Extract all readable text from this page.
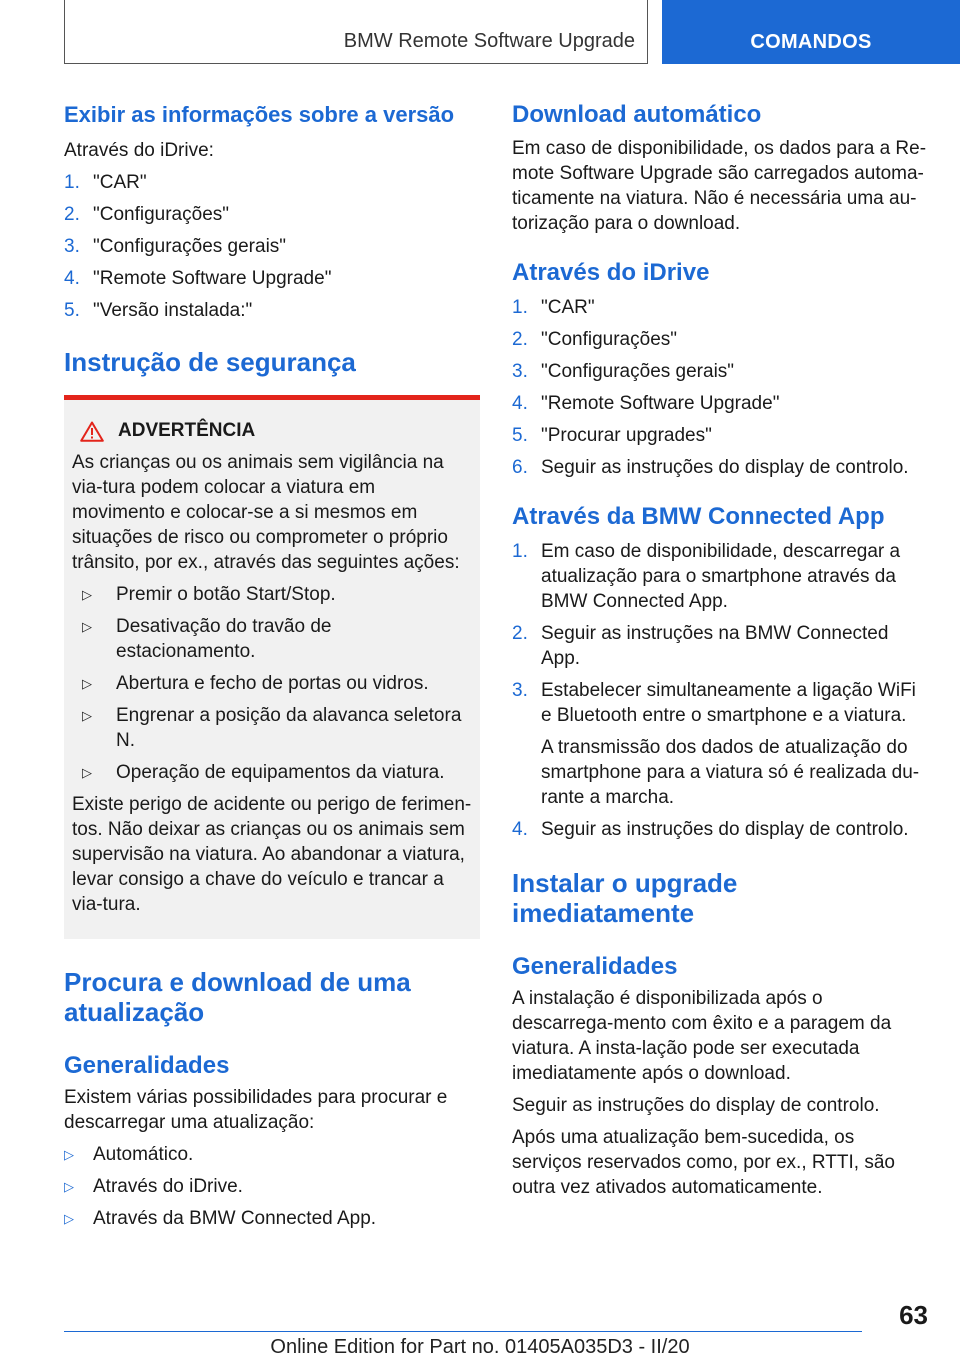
BMW Remote Software Upgrade	COMANDOS
Exibir as informações sobre a versão

Através do iDrive:

1. "CAR"
2. "Configurações"
3. "Configurações gerais"
4. "Remote Software Upgrade"
5. "Versão instalada:"
Instrução de segurança
ADVERTÊNCIA

As crianças ou os animais sem vigilância na via-tura podem colocar a viatura em movimento e colocar-se a si mesmos em situações de risco ou comprometer o próprio trânsito, por ex., através das seguintes ações:

▷	Premir o botão Start/Stop.
▷	Desativação do travão de estacionamento.
▷	Abertura e fecho de portas ou vidros.
▷	Engrenar a posição da alavanca seletora N.
▷	Operação de equipamentos da viatura.

Existe perigo de acidente ou perigo de ferimen-tos. Não deixar as crianças ou os animais sem supervisão na viatura. Ao abandonar a viatura, levar consigo a chave do veículo e trancar a via-tura.

Procura e download de uma atualização
Generalidades

Existem várias possibilidades para procurar e descarregar uma atualização:

▷	Automático.
▷	Através do iDrive.
▷	Através da BMW Connected App.
Download automático

Em caso de disponibilidade, os dados para a Re-mote Software Upgrade são carregados automa-ticamente na viatura. Não é necessária uma au-torização para o download.

Através do iDrive
1. "CAR"
2. "Configurações"
3. "Configurações gerais"
4. "Remote Software Upgrade"
5. "Procurar upgrades"
6. Seguir as instruções do display de controlo.
Através da BMW Connected App
1. Em caso de disponibilidade, descarregar a atualização para o smartphone através da BMW Connected App.
2. Seguir as instruções na BMW Connected App.
3. Estabelecer simultaneamente a ligação WiFi e Bluetooth entre o smartphone e a viatura.
A transmissão dos dados de atualização do smartphone para a viatura só é realizada du-rante a marcha.
4. Seguir as instruções do display de controlo.
Instalar o upgrade imediatamente
Generalidades

A instalação é disponibilizada após o descarrega-mento com êxito e a paragem da viatura. A insta-lação pode ser executada imediatamente após o download.

Seguir as instruções do display de controlo.

Após uma atualização bem-sucedida, os serviços reservados como, por ex., RTTI, são outra vez ativados automaticamente.

63
Online Edition for Part no. 01405A035D3 - II/20
